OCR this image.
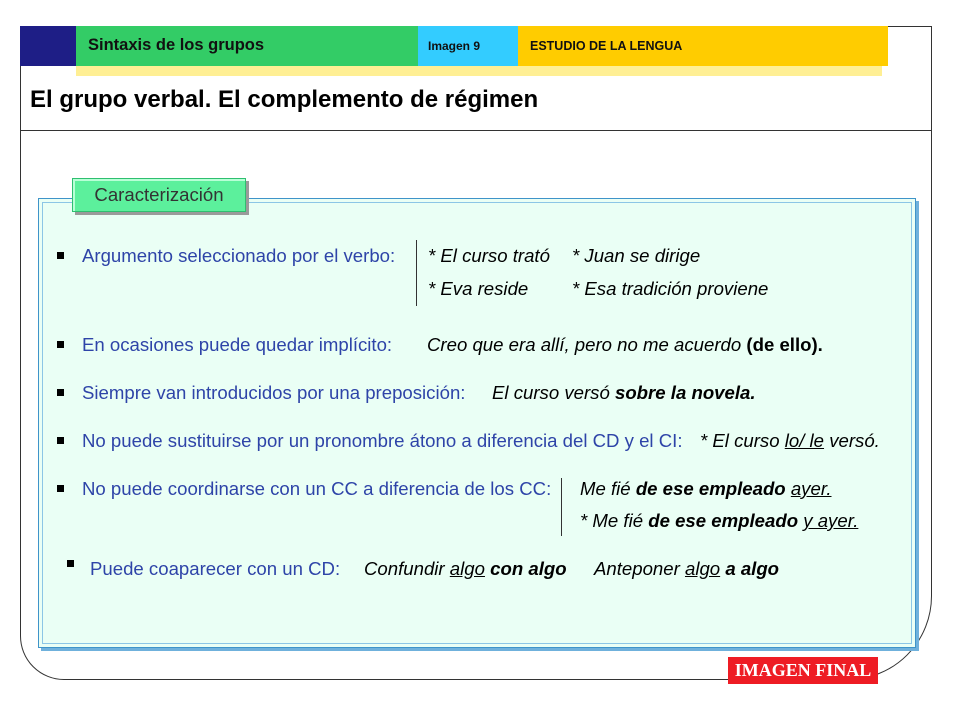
Sintaxis de los grupos	Imagen 9	ESTUDIO DE LA LENGUA
El grupo verbal. El complemento de régimen
Caracterización
Argumento seleccionado por el verbo: * El curso trató * Juan se dirige
* Eva reside * Esa tradición proviene
En ocasiones puede quedar implícito: Creo que era allí, pero no me acuerdo (de ello).
Siempre van introducidos por una preposición: El curso versó sobre la novela.
No puede sustituirse por un pronombre átono a diferencia del CD y el CI: * El curso lo/ le versó.
No puede coordinarse con un CC a diferencia de los CC: Me fié de ese empleado ayer.
* Me fié de ese empleado y ayer.
Puede coaparecer con un CD: Confundir algo con algo Anteponer algo a algo
IMAGEN FINAL
